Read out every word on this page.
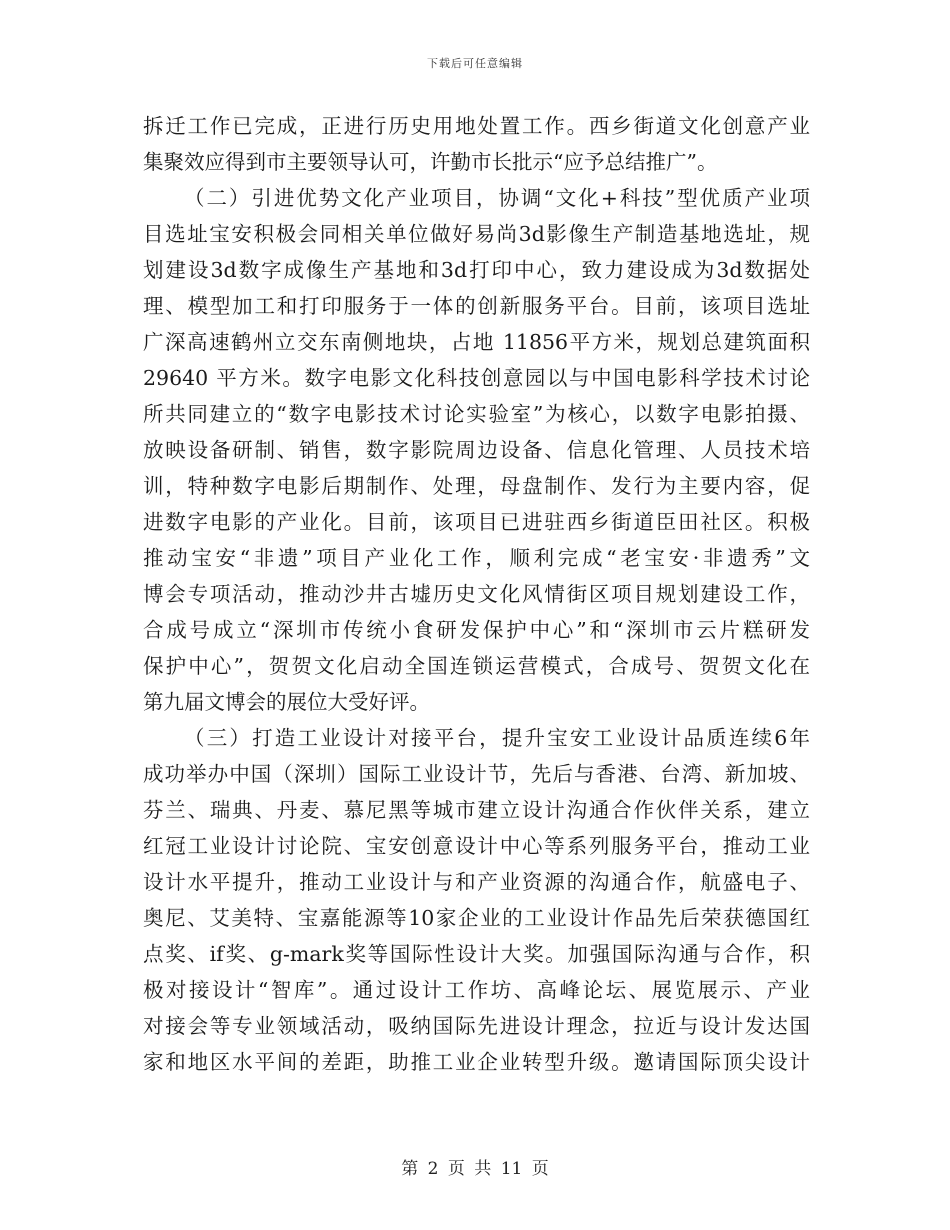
下载后可任意编辑
拆迁工作已完成，正进行历史用地处置工作。西乡街道文化创意产业
集聚效应得到市主要领导认可，许勤市长批示“应予总结推广”。
（二）引进优势文化产业项目，协调“文化+科技”型优质产业项
目选址宝安积极会同相关单位做好易尚3d影像生产制造基地选址，规
划建设3d数字成像生产基地和3d打印中心，致力建设成为3d数据处
理、模型加工和打印服务于一体的创新服务平台。目前，该项目选址
广深高速鹤州立交东南侧地块，占地 11856平方米，规划总建筑面积
29640 平方米。数字电影文化科技创意园以与中国电影科学技术讨论
所共同建立的“数字电影技术讨论实验室”为核心，以数字电影拍摄、
放映设备研制、销售，数字影院周边设备、信息化管理、人员技术培
训，特种数字电影后期制作、处理，母盘制作、发行为主要内容，促
进数字电影的产业化。目前，该项目已进驻西乡街道臣田社区。积极
推动宝安“非遗”项目产业化工作，顺利完成“老宝安·非遗秀”文
博会专项活动，推动沙井古墟历史文化风情街区项目规划建设工作，
合成号成立“深圳市传统小食研发保护中心”和“深圳市云片糕研发
保护中心”，贺贺文化启动全国连锁运营模式，合成号、贺贺文化在
第九届文博会的展位大受好评。
（三）打造工业设计对接平台，提升宝安工业设计品质连续6年
成功举办中国（深圳）国际工业设计节，先后与香港、台湾、新加坡、
芬兰、瑞典、丹麦、慕尼黑等城市建立设计沟通合作伙伴关系，建立
红冠工业设计讨论院、宝安创意设计中心等系列服务平台，推动工业
设计水平提升，推动工业设计与和产业资源的沟通合作，航盛电子、
奥尼、艾美特、宝嘉能源等10家企业的工业设计作品先后荣获德国红
点奖、if奖、g-mark奖等国际性设计大奖。加强国际沟通与合作，积
极对接设计“智库”。通过设计工作坊、高峰论坛、展览展示、产业
对接会等专业领域活动，吸纳国际先进设计理念，拉近与设计发达国
家和地区水平间的差距，助推工业企业转型升级。邀请国际顶尖设计
第 2 页 共 11 页
